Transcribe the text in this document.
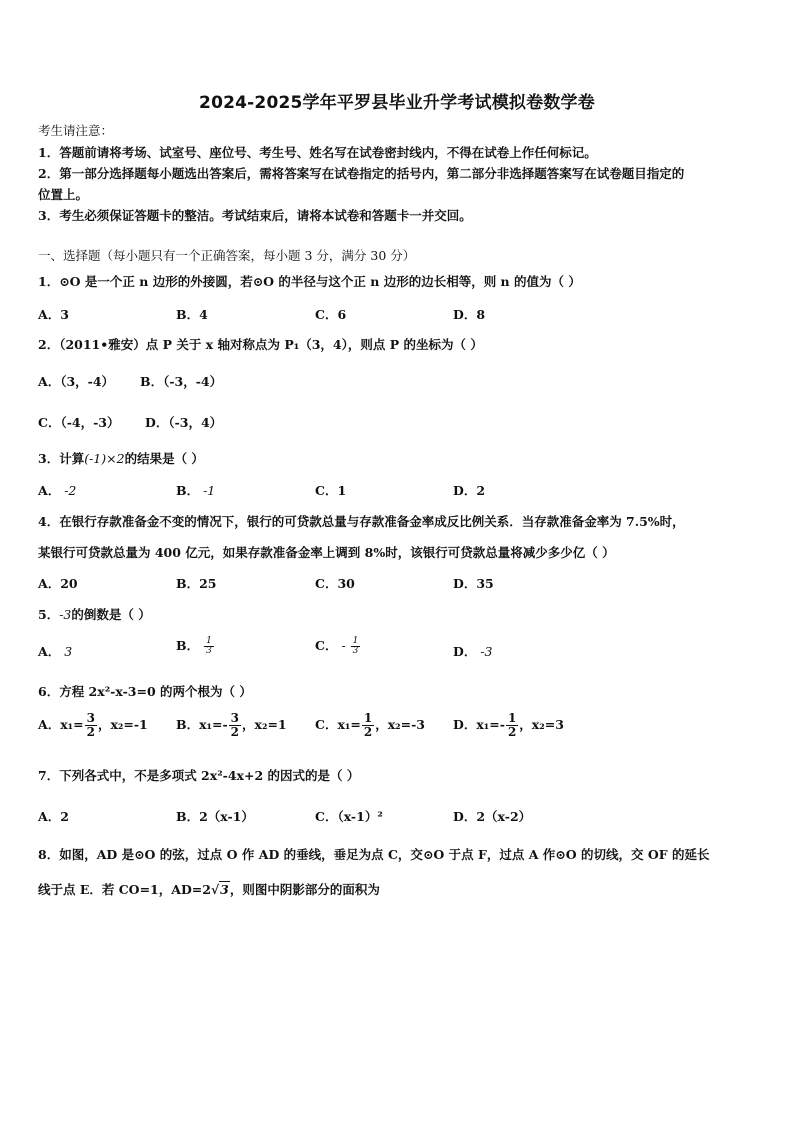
2024-2025学年平罗县毕业升学考试模拟卷数学卷
考生请注意：
1．答题前请将考场、试室号、座位号、考生号、姓名写在试卷密封线内，不得在试卷上作任何标记。
2．第一部分选择题每小题选出答案后，需将答案写在试卷指定的括号内，第二部分非选择题答案写在试卷题目指定的
位置上。
3．考生必须保证答题卡的整洁。考试结束后，请将本试卷和答题卡一并交回。
一、选择题（每小题只有一个正确答案，每小题 3 分，满分 30 分）
1．⊙O 是一个正 n 边形的外接圆，若⊙O 的半径与这个正 n 边形的边长相等，则 n 的值为（ ）
A．3	B．4	C．6	D．8
2．（2011•雅安）点 P 关于 x 轴对称点为 P₁（3，4），则点 P 的坐标为（ ）
A．（3，-4） B．（-3，-4）
C．（-4，-3） D．（-3，4）
3．计算(-1)×2的结果是（ ）
A． -2	B． -1	C．1	D．2
4．在银行存款准备金不变的情况下，银行的可贷款总量与存款准备金率成反比例关系．当存款准备金率为 7.5%时，
某银行可贷款总量为 400 亿元，如果存款准备金率上调到 8%时，该银行可贷款总量将减少多少亿（ ）
A．20	B．25	C．30	D．35
5．-3的倒数是（ ）
A． 3	B． $\frac{1}{3}$	C． - $\frac{1}{3}$	D． -3
6．方程 2x²-x-3=0 的两个根为（ ）
A．$x_1= \frac{3}{2}$ ，x₂=-1 B．$x_1=- \frac{3}{2}$ ，x₂=1 C．$x_1= \frac{1}{2}$ ，x₂=-3 D．$x_1=- \frac{1}{2}$ ，x₂=3
7．下列各式中，不是多项式 2x²-4x+2 的因式的是（ ）
A．2	B．2（x-1）	C．（x-1）²	D．2（x-2）
8．如图，AD 是⊙O 的弦，过点 O 作 AD 的垂线，垂足为点 C，交⊙O 于点 F，过点 A 作⊙O 的切线，交 OF 的延长
线于点 E．若 CO=1，AD=2√3，则图中阴影部分的面积为
